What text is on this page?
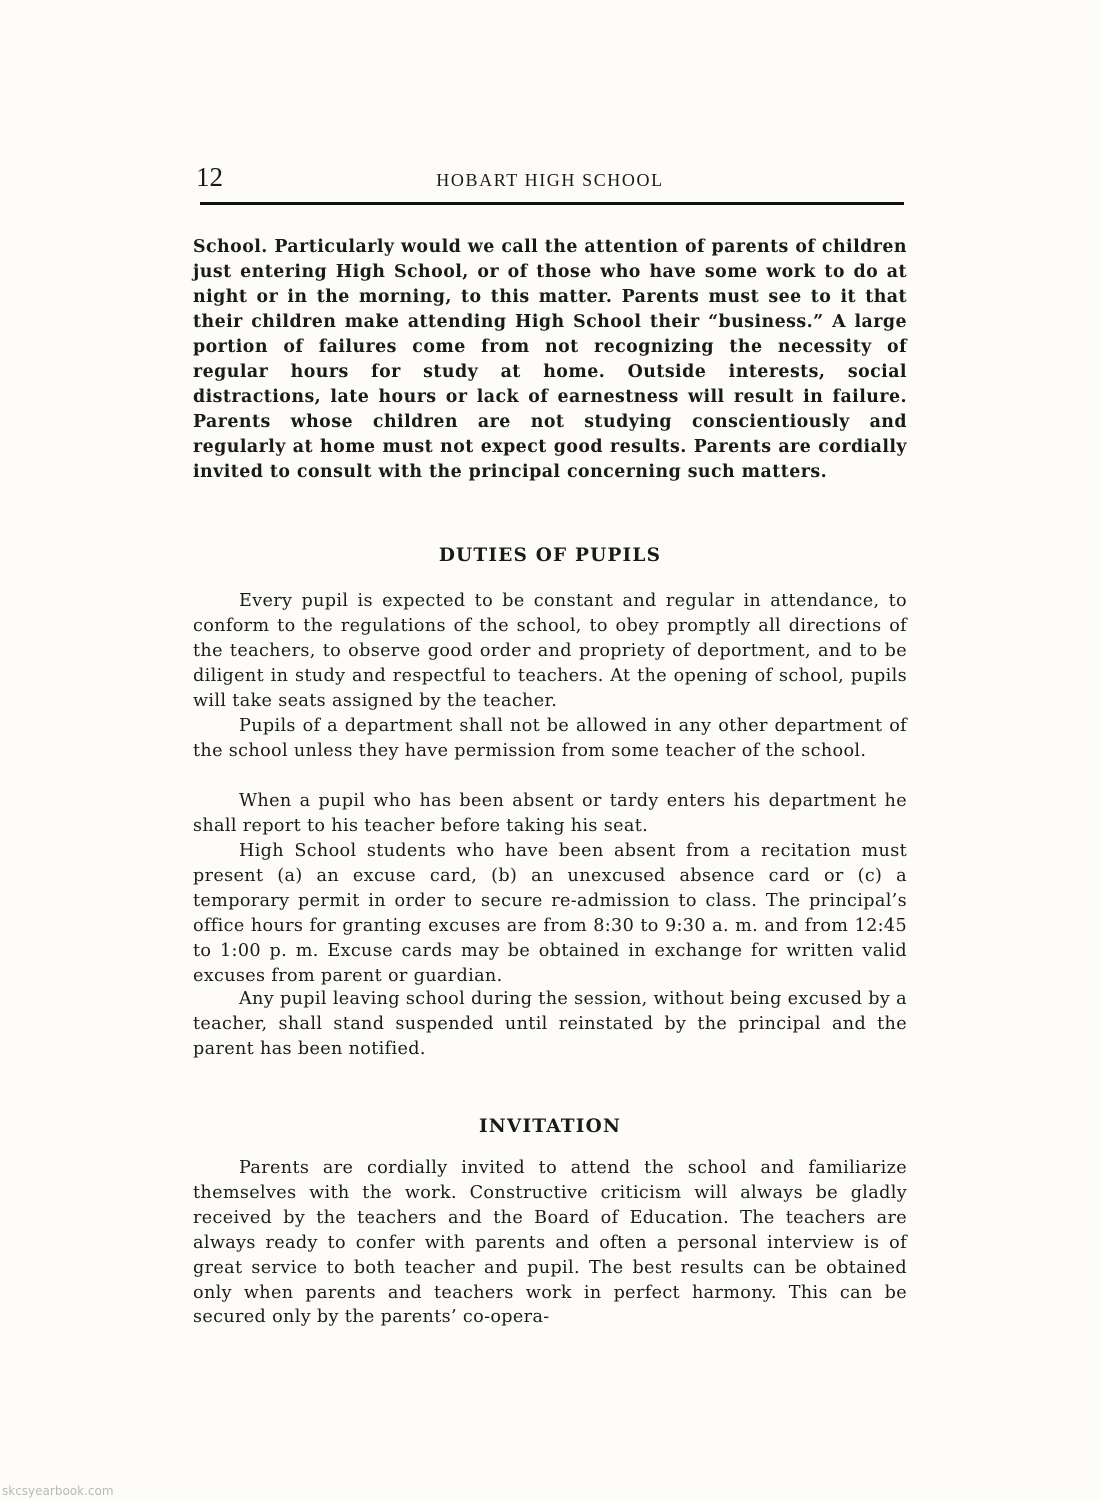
12	HOBART HIGH SCHOOL

School. Particularly would we call the attention of parents of children just entering High School, or of those who have some work to do at night or in the morning, to this matter. Parents must see to it that their children make attending High School their “business.” A large portion of failures come from not recognizing the necessity of regular hours for study at home. Outside interests, social distractions, late hours or lack of earnestness will result in failure. Parents whose children are not studying conscientiously and regularly at home must not expect good results. Parents are cordially invited to consult with the principal concerning such matters.

DUTIES OF PUPILS

Every pupil is expected to be constant and regular in attendance, to conform to the regulations of the school, to obey promptly all directions of the teachers, to observe good order and propriety of deportment, and to be diligent in study and respectful to teachers. At the opening of school, pupils will take seats assigned by the teacher.

Pupils of a department shall not be allowed in any other department of the school unless they have permission from some teacher of the school.

When a pupil who has been absent or tardy enters his department he shall report to his teacher before taking his seat.

High School students who have been absent from a recitation must present (a) an excuse card, (b) an unexcused absence card or (c) a temporary permit in order to secure re-admission to class. The principal’s office hours for granting excuses are from 8:30 to 9:30 a. m. and from 12:45 to 1:00 p. m. Excuse cards may be obtained in exchange for written valid excuses from parent or guardian.

Any pupil leaving school during the session, without being excused by a teacher, shall stand suspended until reinstated by the principal and the parent has been notified.

INVITATION

Parents are cordially invited to attend the school and familiarize themselves with the work. Constructive criticism will always be gladly received by the teachers and the Board of Education. The teachers are always ready to confer with parents and often a personal interview is of great service to both teacher and pupil. The best results can be obtained only when parents and teachers work in perfect harmony. This can be secured only by the parents’ co-opera-

skcsyearbook.com
